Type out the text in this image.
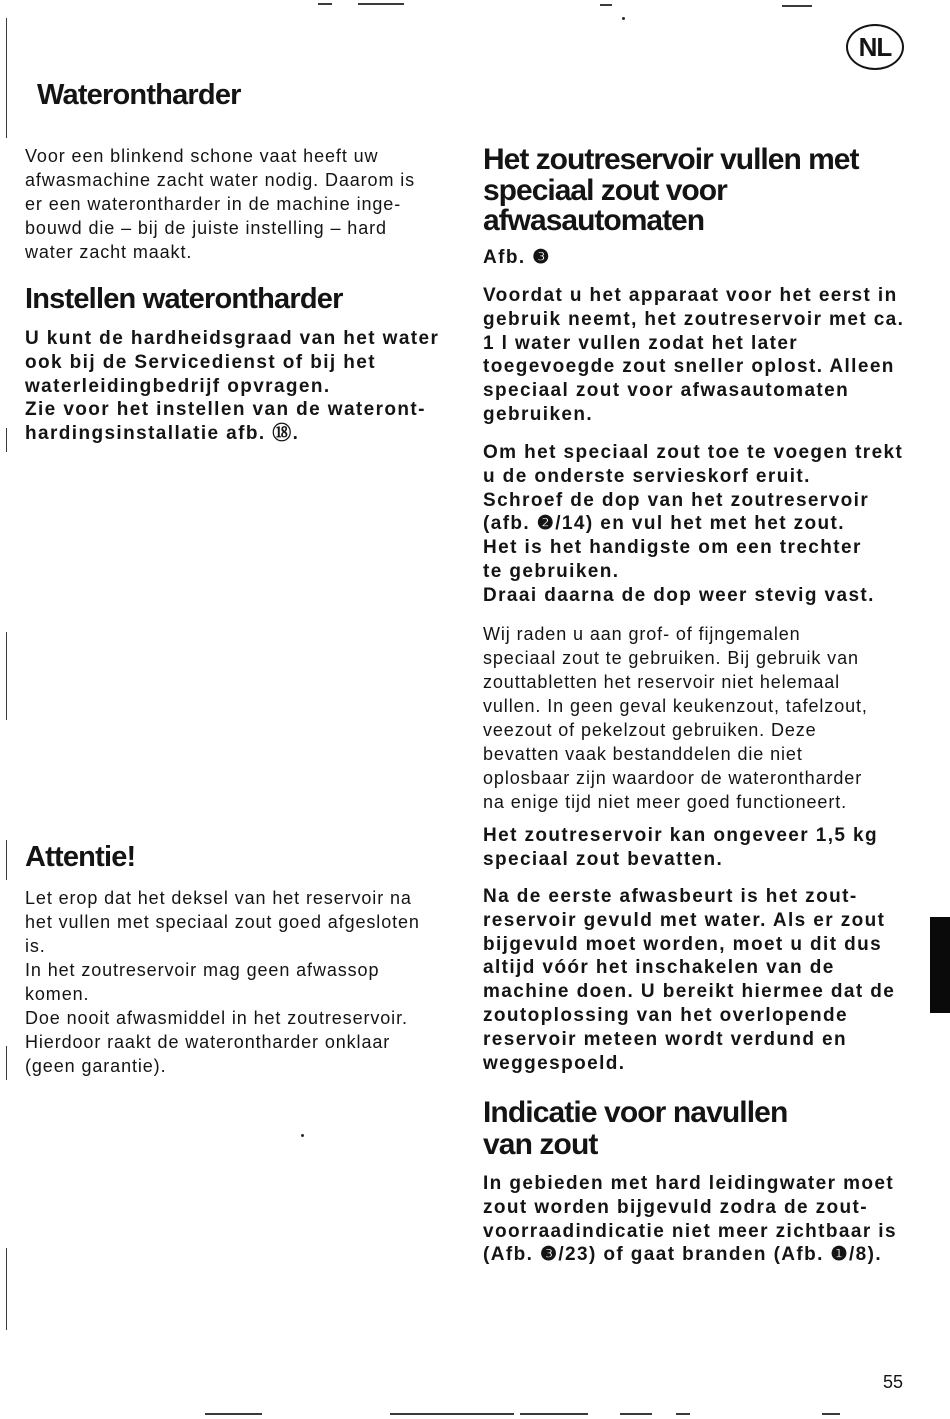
NL
Waterontharder
Voor een blinkend schone vaat heeft uw
afwasmachine zacht water nodig. Daarom is
er een waterontharder in de machine inge-
bouwd die – bij de juiste instelling – hard
water zacht maakt.
Instellen waterontharder
U kunt de hardheidsgraad van het water
ook bij de Servicedienst of bij het
waterleidingbedrijf opvragen.
Zie voor het instellen van de wateront-
hardingsinstallatie afb. ⑱.
Attentie!
Let erop dat het deksel van het reservoir na
het vullen met speciaal zout goed afgesloten
is.
In het zoutreservoir mag geen afwassop
komen.
Doe nooit afwasmiddel in het zoutreservoir.
Hierdoor raakt de waterontharder onklaar
(geen garantie).
Het zoutreservoir vullen met
speciaal zout voor
afwasautomaten
Afb. ❸
Voordat u het apparaat voor het eerst in
gebruik neemt, het zoutreservoir met ca.
1 l water vullen zodat het later
toegevoegde zout sneller oplost. Alleen
speciaal zout voor afwasautomaten
gebruiken.
Om het speciaal zout toe te voegen trekt
u de onderste servieskorf eruit.
Schroef de dop van het zoutreservoir
(afb. ❷/14) en vul het met het zout.
Het is het handigste om een trechter
te gebruiken.
Draai daarna de dop weer stevig vast.
Wij raden u aan grof- of fijngemalen
speciaal zout te gebruiken. Bij gebruik van
zouttabletten het reservoir niet helemaal
vullen. In geen geval keukenzout, tafelzout,
veezout of pekelzout gebruiken. Deze
bevatten vaak bestanddelen die niet
oplosbaar zijn waardoor de waterontharder
na enige tijd niet meer goed functioneert.
Het zoutreservoir kan ongeveer 1,5 kg
speciaal zout bevatten.
Na de eerste afwasbeurt is het zout-
reservoir gevuld met water. Als er zout
bijgevuld moet worden, moet u dit dus
altijd vóór het inschakelen van de
machine doen. U bereikt hiermee dat de
zoutoplossing van het overlopende
reservoir meteen wordt verdund en
weggespoeld.
Indicatie voor navullen
van zout
In gebieden met hard leidingwater moet
zout worden bijgevuld zodra de zout-
voorraadindicatie niet meer zichtbaar is
(Afb. ❸/23) of gaat branden (Afb. ❶/8).
55
